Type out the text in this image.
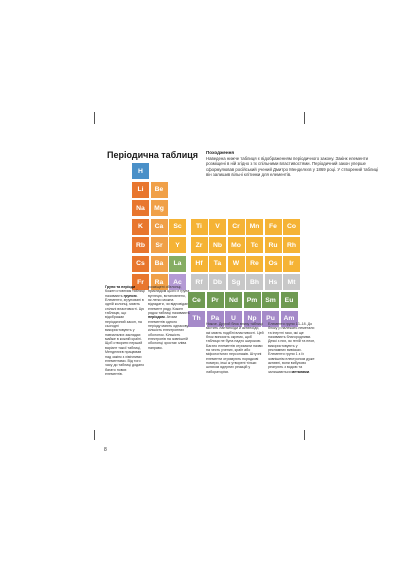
Періодична таблиця Походження
Наведена нижче таблиця є відображенням періодичного закону. Закінк елементи розміщені в ній згідно з їх спільними властивостями. Періодичний закон уперше сформулював російський учений Дмитро Менделєєв у 1869 році. У створений таблиці він залишив вільні клітинки для елементів.
H
Li	Be
Na	Mg
K	Ca	Sc	Ti	V	Cr	Mn	Fe	Co
Rb	Sr	Y	Zr	Nb	Mo	Tc	Ru	Rh
Cs	Ba	La	Hf	Ta	W	Re	Os	Ir
Fr	Ra	Ac	Rf	Db	Sg	Bh	Hs	Mt
Ce	Pr	Nd	Pm	Sm	Eu
Th	Pa	U	Np	Pu	Am
Групи та періоди Кожен стовпчик таблиці називають групою. Елементи, згруповані в одній колонці, мають спільні властивості. Цю таблицю, що відображає періодичний закон, на сьогодні використовують у навчальних закладах майже в кожній країні. Щоб створити перший варіант такої таблиці, Менделєєв працював над закінк з хімічними елементами. Від того часу до таблиці додано багато нових елементів.
розміщені обелонці, прикладом цього є група вуглецю, встановлено, як легко можна відгадати, чи відповідає елемент ряду. Кожен рядок таблиці називають періодом. Атоми елементів одного періоду мають однакову кількість електронних оболонок. Кількість електронів на зовнішній оболонці зростає зліва направо.
Нижче. Другий блок внизу таблиці містить лантаноїди й актиноїди, які мають подібні властивості. Цей блок виносять окремо, щоб таблиця не була надто широкою. Багато елементів отримали назви на честь учених, країн або міфологічних персонажів. Штучні елементи отримують порядкові номери, інші ж утворені тільки шляхом ядерних реакцій у лабораторіях.
Елементи групи 13–18. До блоку p належать неметали та інертні гази, які ще називають благородними. Деякі з них, як гелій та неон, використовують у рекламних вивісках. Елементи групи 1 з їх зовнішнім електроном дуже активні, вони вибухово реагують з водою та залишаються металами.
8
